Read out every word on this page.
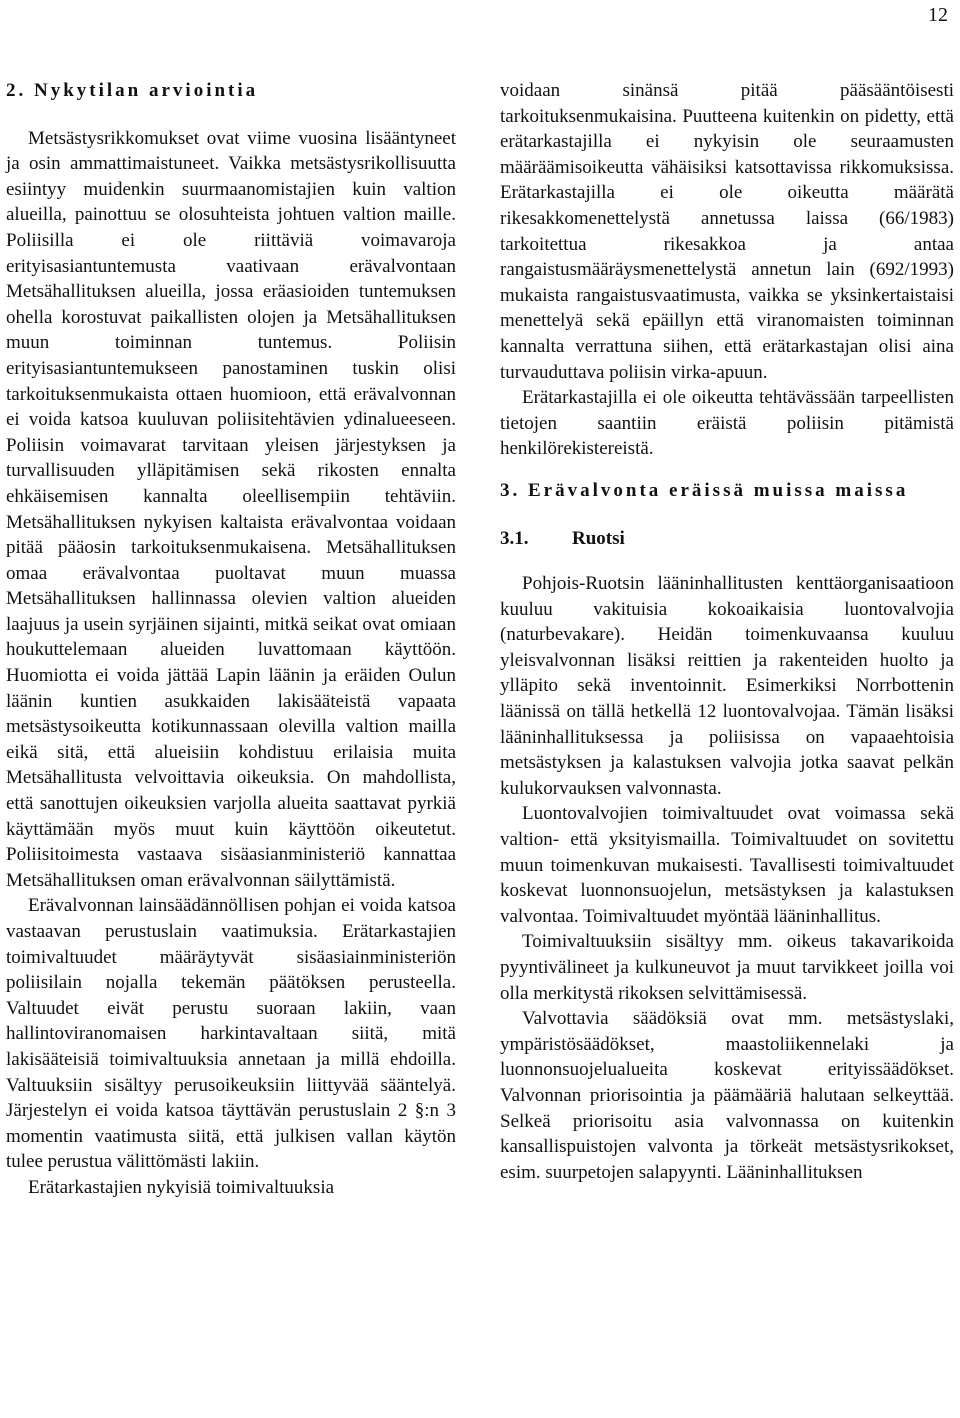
12
2. Nykytilan arviointia

Metsästysrikkomukset ovat viime vuosina lisääntyneet ja osin ammattimaistuneet. Vaikka metsästysrikollisuutta esiintyy muidenkin suurmaanomistajien kuin valtion alueilla, painottuu se olosuhteista johtuen valtion maille. Poliisilla ei ole riittäviä voimavaroja erityisasiantuntemusta vaativaan erävalvontaan Metsähallituksen alueilla, jossa eräasioiden tuntemuksen ohella korostuvat paikallisten olojen ja Metsähallituksen muun toiminnan tuntemus. Poliisin erityisasiantuntemukseen panostaminen tuskin olisi tarkoituksenmukaista ottaen huomioon, että erävalvonnan ei voida katsoa kuuluvan poliisitehtävien ydinalueeseen. Poliisin voimavarat tarvitaan yleisen järjestyksen ja turvallisuuden ylläpitämisen sekä rikosten ennalta ehkäisemisen kannalta oleellisempiin tehtäviin. Metsähallituksen nykyisen kaltaista erävalvontaa voidaan pitää pääosin tarkoituksenmukaisena. Metsähallituksen omaa erävalvontaa puoltavat muun muassa Metsähallituksen hallinnassa olevien valtion alueiden laajuus ja usein syrjäinen sijainti, mitkä seikat ovat omiaan houkuttelemaan alueiden luvattomaan käyttöön. Huomiotta ei voida jättää Lapin läänin ja eräiden Oulun läänin kuntien asukkaiden lakisääteistä vapaata metsästysoikeutta kotikunnassaan olevilla valtion mailla eikä sitä, että alueisiin kohdistuu erilaisia muita Metsähallitusta velvoittavia oikeuksia. On mahdollista, että sanottujen oikeuksien varjolla alueita saattavat pyrkiä käyttämään myös muut kuin käyttöön oikeutetut. Poliisitoimesta vastaava sisäasianministeriö kannattaa Metsähallituksen oman erävalvonnan säilyttämistä.

Erävalvonnan lainsäädännöllisen pohjan ei voida katsoa vastaavan perustuslain vaatimuksia. Erätarkastajien toimivaltuudet määräytyvät sisäasiainministeriön poliisilain nojalla tekemän päätöksen perusteella. Valtuudet eivät perustu suoraan lakiin, vaan hallintoviranomaisen harkintavaltaan siitä, mitä lakisääteisiä toimivaltuuksia annetaan ja millä ehdoilla. Valtuuksiin sisältyy perusoikeuksiin liittyvää sääntelyä. Järjestelyn ei voida katsoa täyttävän perustuslain 2 §:n 3 momentin vaatimusta siitä, että julkisen vallan käytön tulee perustua välittömästi lakiin.

Erätarkastajien nykyisiä toimivaltuuksia

voidaan sinänsä pitää pääsääntöisesti tarkoituksenmukaisina. Puutteena kuitenkin on pidetty, että erätarkastajilla ei nykyisin ole seuraamusten määräämisoikeutta vähäisiksi katsottavissa rikkomuksissa. Erätarkastajilla ei ole oikeutta määrätä rikesakkomenettelystä annetussa laissa (66/1983) tarkoitettua rikesakkoa ja antaa rangaistusmääräysmenettelystä annetun lain (692/1993) mukaista rangaistusvaatimusta, vaikka se yksinkertaistaisi menettelyä sekä epäillyn että viranomaisten toiminnan kannalta verrattuna siihen, että erätarkastajan olisi aina turvauduttava poliisin virka-apuun.

Erätarkastajilla ei ole oikeutta tehtävässään tarpeellisten tietojen saantiin eräistä poliisin pitämistä henkilörekistereistä.

3. Erävalvonta eräissä muissa maissa
3.1. Ruotsi

Pohjois-Ruotsin lääninhallitusten kenttäorganisaatioon kuuluu vakituisia kokoaikaisia luontovalvojia (naturbevakare). Heidän toimenkuvaansa kuuluu yleisvalvonnan lisäksi reittien ja rakenteiden huolto ja ylläpito sekä inventoinnit. Esimerkiksi Norrbottenin läänissä on tällä hetkellä 12 luontovalvojaa. Tämän lisäksi lääninhallituksessa ja poliisissa on vapaaehtoisia metsästyksen ja kalastuksen valvojia jotka saavat pelkän kulukorvauksen valvonnasta.

Luontovalvojien toimivaltuudet ovat voimassa sekä valtion- että yksityismailla. Toimivaltuudet on sovitettu muun toimenkuvan mukaisesti. Tavallisesti toimivaltuudet koskevat luonnonsuojelun, metsästyksen ja kalastuksen valvontaa. Toimivaltuudet myöntää lääninhallitus.

Toimivaltuuksiin sisältyy mm. oikeus takavarikoida pyyntivälineet ja kulkuneuvot ja muut tarvikkeet joilla voi olla merkitystä rikoksen selvittämisessä.

Valvottavia säädöksiä ovat mm. metsästyslaki, ympäristösäädökset, maastoliikennelaki ja luonnonsuojelualueita koskevat erityissäädökset. Valvonnan priorisointia ja päämääriä halutaan selkeyttää. Selkeä priorisoitu asia valvonnassa on kuitenkin kansallispuistojen valvonta ja törkeät metsästysrikokset, esim. suurpetojen salapyynti. Lääninhallituksen
